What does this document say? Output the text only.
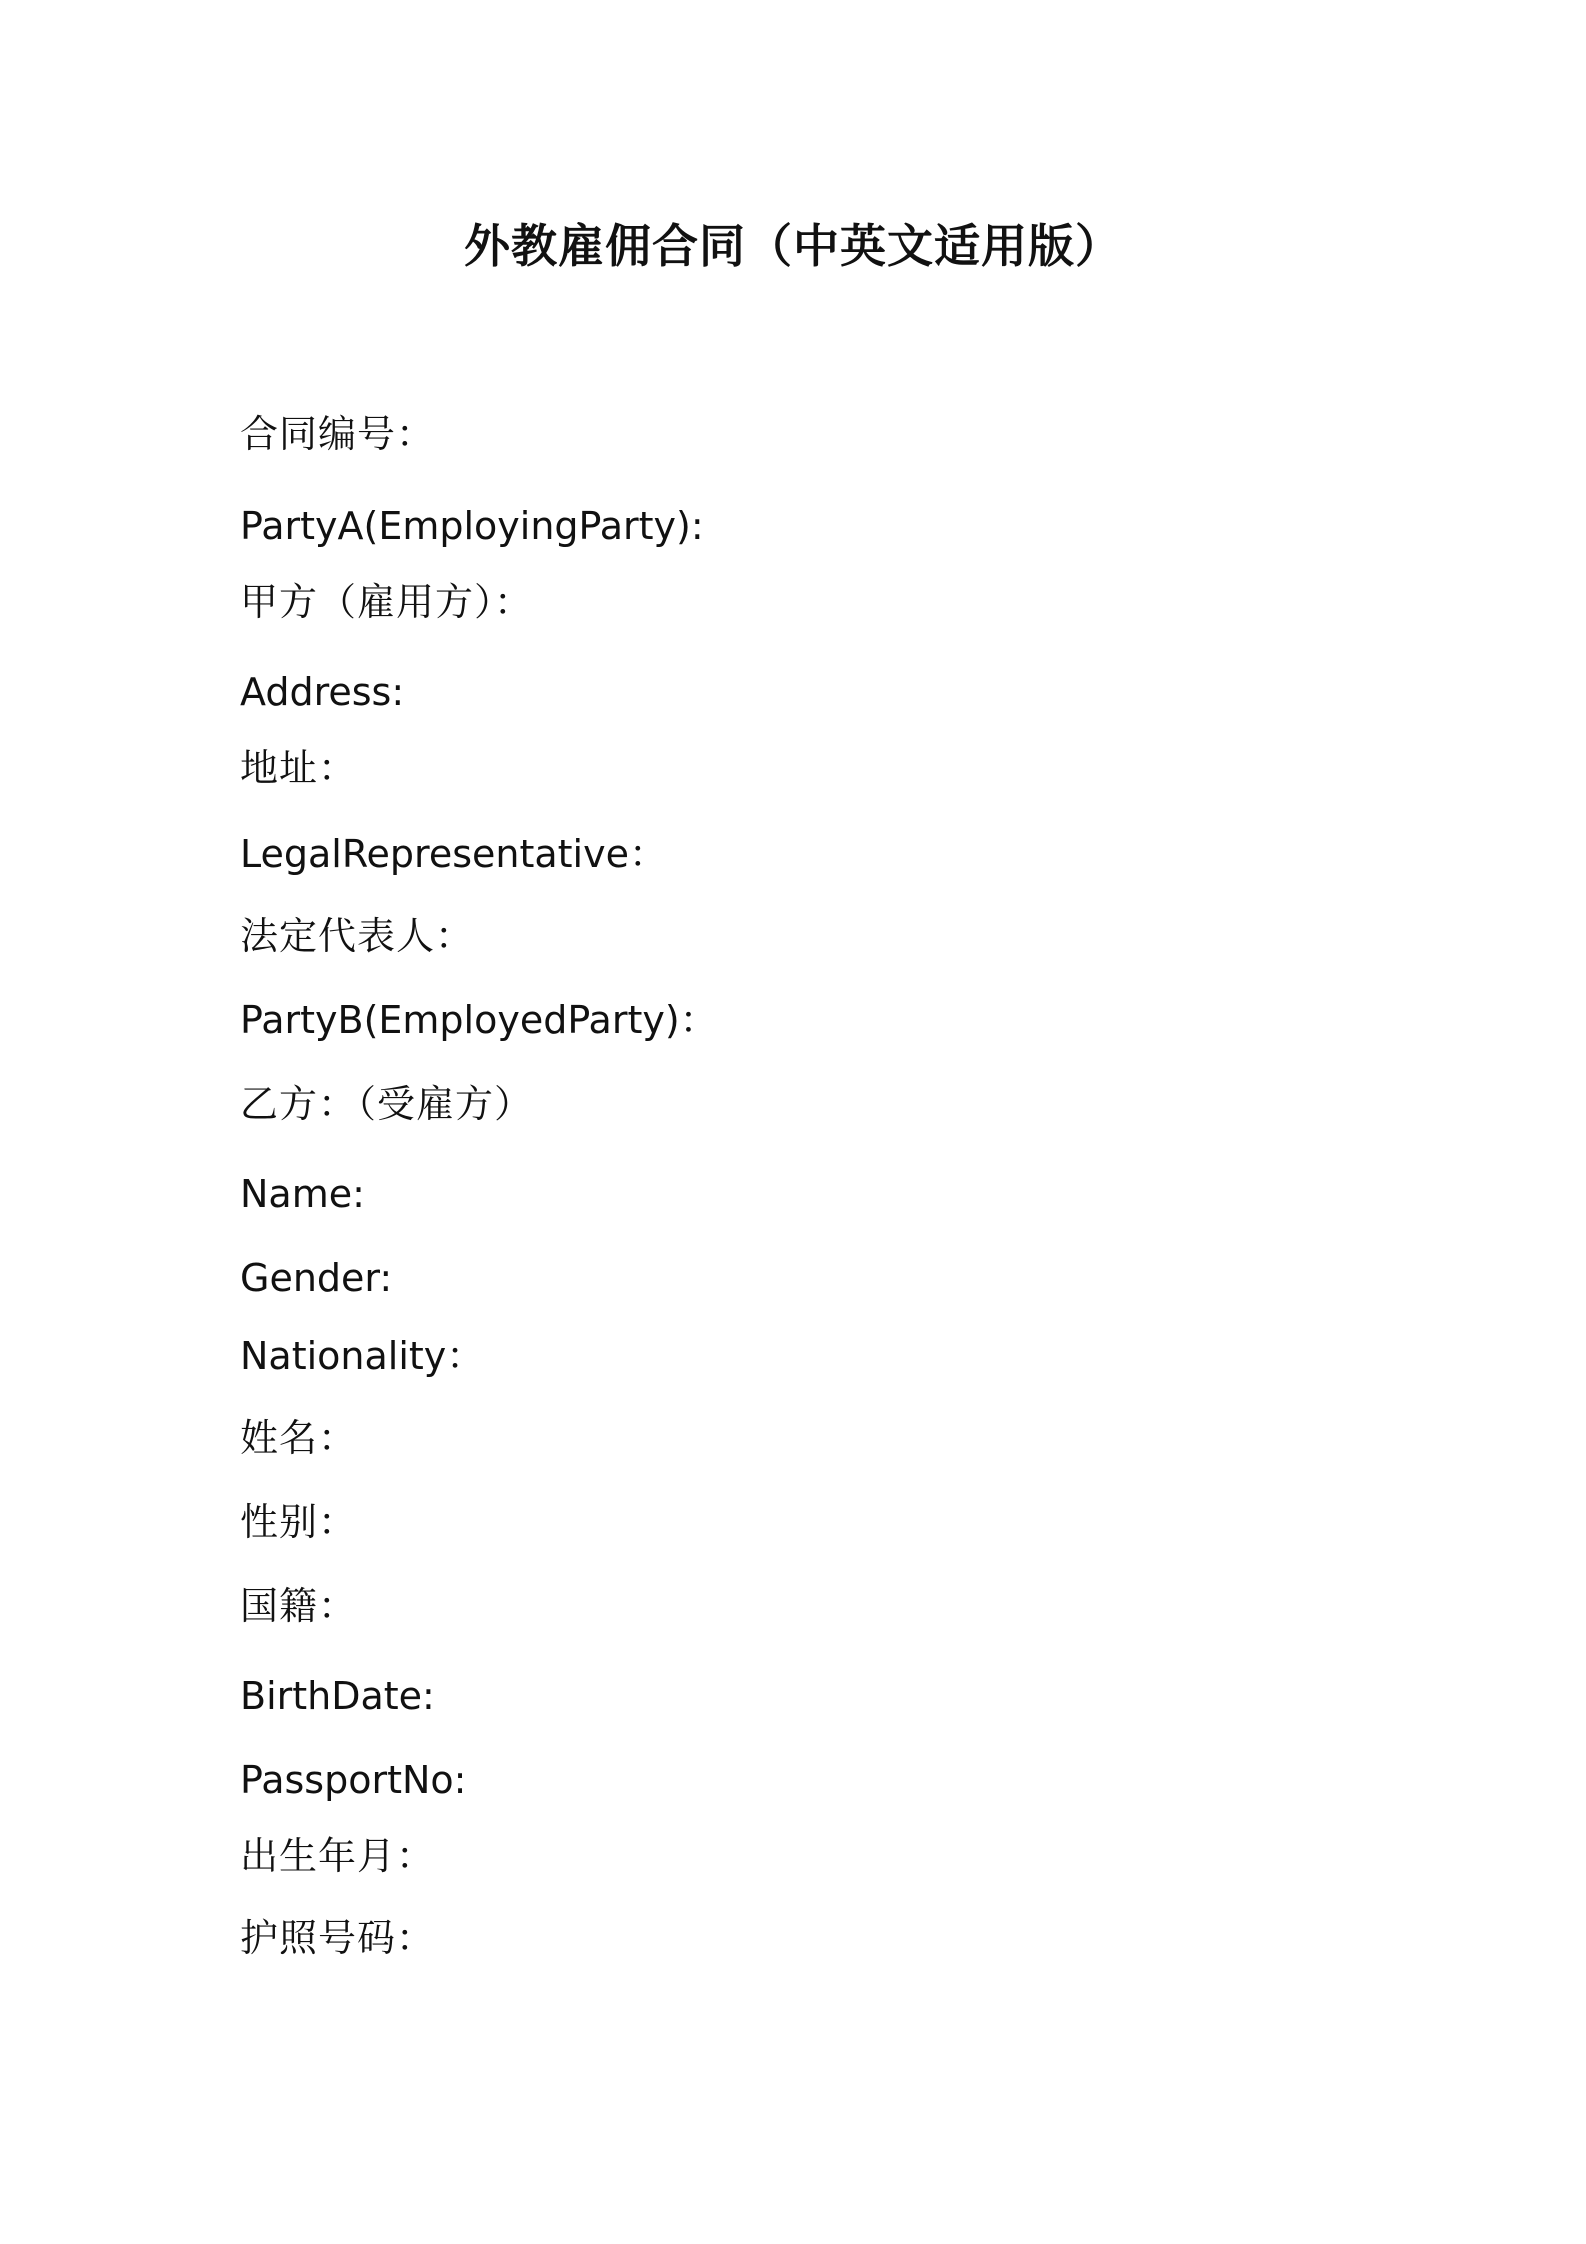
外教雇佣合同（中英文适用版）
合同编号：
PartyA(EmployingParty):
甲方（雇用方）：
Address:
地址：
LegalRepresentative：
法定代表人：
PartyB(EmployedParty)：
乙方：（受雇方）
Name:
Gender:
Nationality：
姓名：
性别：
国籍：
BirthDate:
PassportNo:
出生年月：
护照号码：
